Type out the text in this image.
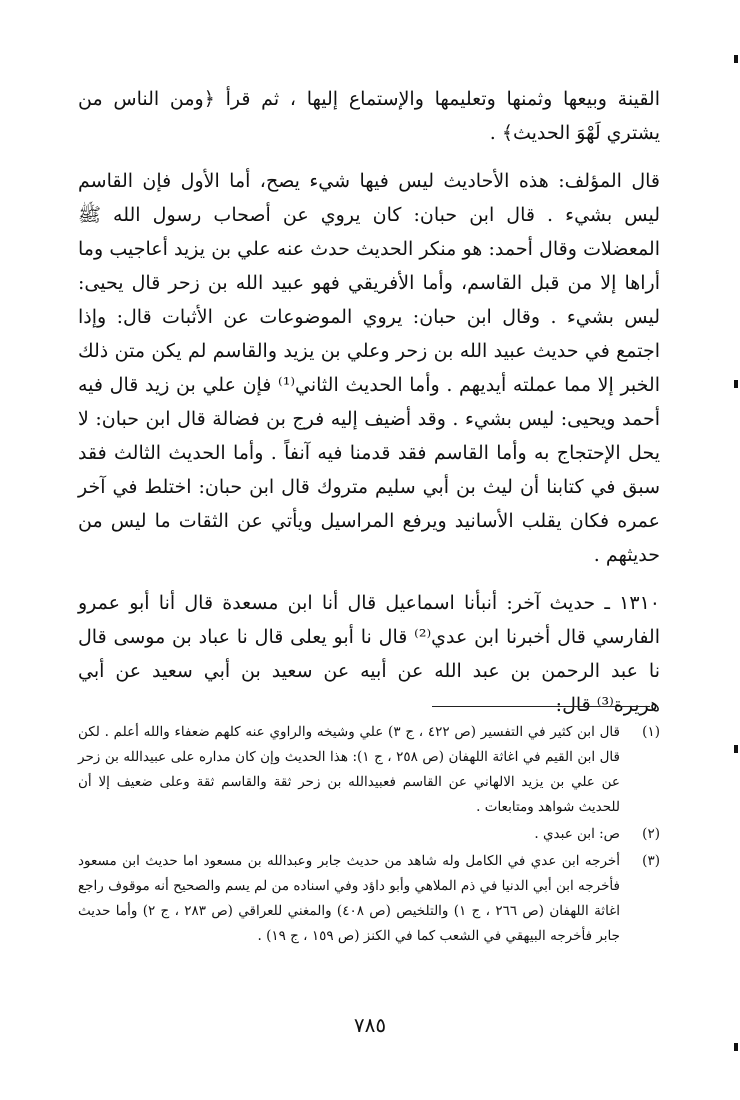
القينة وبيعها وثمنها وتعليمها والإستماع إليها ، ثم قرأ ﴿ومن الناس من يشتري لَهْوَ الحديث﴾ .

قال المؤلف: هذه الأحاديث ليس فيها شيء يصح، أما الأول فإن القاسم ليس بشيء . قال ابن حبان: كان يروي عن أصحاب رسول الله ﷺ المعضلات وقال أحمد: هو منكر الحديث حدث عنه علي بن يزيد أعاجيب وما أراها إلا من قبل القاسم، وأما الأفريقي فهو عبيد الله بن زحر قال يحيى: ليس بشيء . وقال ابن حبان: يروي الموضوعات عن الأثبات قال: وإذا اجتمع في حديث عبيد الله بن زحر وعلي بن يزيد والقاسم لم يكن متن ذلك الخبر إلا مما عملته أيديهم . وأما الحديث الثاني⁽¹⁾ فإن علي بن زيد قال فيه أحمد ويحيى: ليس بشيء . وقد أضيف إليه فرج بن فضالة قال ابن حبان: لا يحل الإحتجاج به وأما القاسم فقد قدمنا فيه آنفاً . وأما الحديث الثالث فقد سبق في كتابنا أن ليث بن أبي سليم متروك قال ابن حبان: اختلط في آخر عمره فكان يقلب الأسانيد ويرفع المراسيل ويأتي عن الثقات ما ليس من حديثهم .

١٣١٠ ـ حديث آخر: أنبأنا اسماعيل قال أنا ابن مسعدة قال أنا أبو عمرو الفارسي قال أخبرنا ابن عدي⁽²⁾ قال نا أبو يعلى قال نا عباد بن موسى قال نا عبد الرحمن بن عبد الله عن أبيه عن سعيد بن أبي سعيد عن أبي هريرة⁽³⁾ قال:

(١)
قال ابن كثير في التفسير (ص ٤٢٢ ، ج ٣) علي وشيخه والراوي عنه كلهم ضعفاء والله أعلم . لكن قال ابن القيم في اغاثة اللهفان (ص ٢٥٨ ، ج ١): هذا الحديث وإن كان مداره على عبيدالله بن زحر عن علي بن يزيد الالهاني عن القاسم فعبيدالله بن زحر ثقة والقاسم ثقة وعلى ضعيف إلا أن للحديث شواهد ومتابعات .
(٢)
ص: ابن عبدي .
(٣)
أخرجه ابن عدي في الكامل وله شاهد من حديث جابر وعبدالله بن مسعود اما حديث ابن مسعود فأخرجه ابن أبي الدنيا في ذم الملاهي وأبو داؤد وفي اسناده من لم يسم والصحيح أنه موقوف راجع اغاثة اللهفان (ص ٢٦٦ ، ج ١) والتلخيص (ص ٤٠٨) والمغني للعراقي (ص ٢٨٣ ، ج ٢) وأما حديث جابر فأخرجه البيهقي في الشعب كما في الكنز (ص ١٥٩ ، ج ١٩) .
٧٨٥
